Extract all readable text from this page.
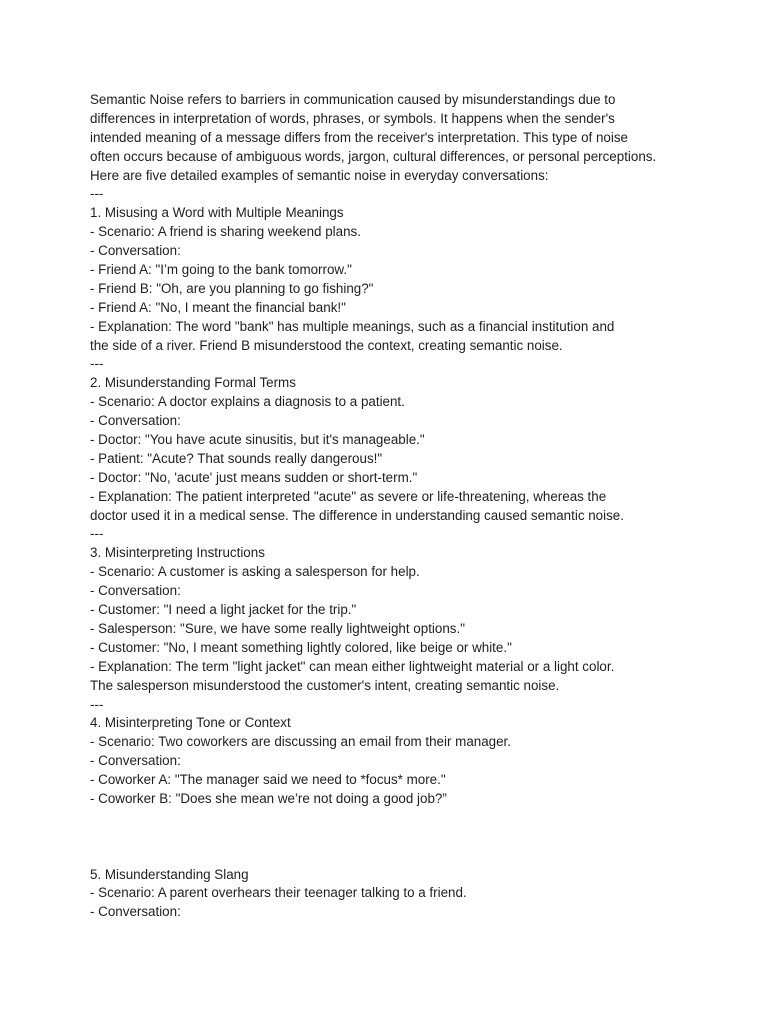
Semantic Noise refers to barriers in communication caused by misunderstandings due to
differences in interpretation of words, phrases, or symbols. It happens when the sender's
intended meaning of a message differs from the receiver's interpretation. This type of noise
often occurs because of ambiguous words, jargon, cultural differences, or personal perceptions.
Here are five detailed examples of semantic noise in everyday conversations:
---
1. Misusing a Word with Multiple Meanings
- Scenario: A friend is sharing weekend plans.
- Conversation:
- Friend A: "I’m going to the bank tomorrow."
- Friend B: "Oh, are you planning to go fishing?"
- Friend A: "No, I meant the financial bank!"
- Explanation: The word "bank" has multiple meanings, such as a financial institution and
the side of a river. Friend B misunderstood the context, creating semantic noise.
---
2. Misunderstanding Formal Terms
- Scenario: A doctor explains a diagnosis to a patient.
- Conversation:
- Doctor: "You have acute sinusitis, but it's manageable."
- Patient: "Acute? That sounds really dangerous!"
- Doctor: "No, 'acute' just means sudden or short-term."
- Explanation: The patient interpreted "acute" as severe or life-threatening, whereas the
doctor used it in a medical sense. The difference in understanding caused semantic noise.
---
3. Misinterpreting Instructions
- Scenario: A customer is asking a salesperson for help.
- Conversation:
- Customer: "I need a light jacket for the trip."
- Salesperson: "Sure, we have some really lightweight options."
- Customer: "No, I meant something lightly colored, like beige or white."
- Explanation: The term "light jacket" can mean either lightweight material or a light color.
The salesperson misunderstood the customer's intent, creating semantic noise.
---
4. Misinterpreting Tone or Context
- Scenario: Two coworkers are discussing an email from their manager.
- Conversation:
- Coworker A: "The manager said we need to *focus* more."
- Coworker B: "Does she mean we’re not doing a good job?”
5. Misunderstanding Slang
- Scenario: A parent overhears their teenager talking to a friend.
- Conversation:
